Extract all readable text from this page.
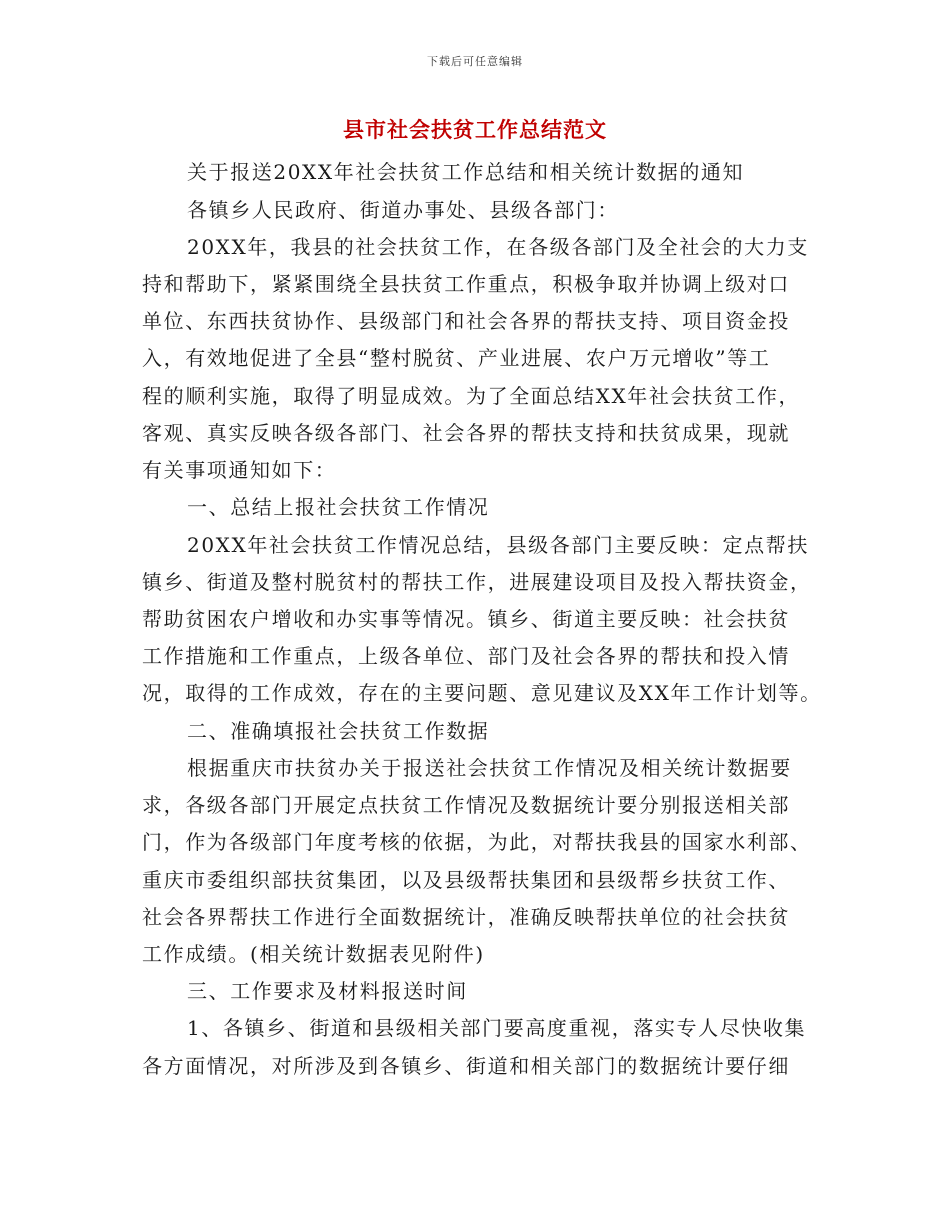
下载后可任意编辑
县市社会扶贫工作总结范文
关于报送20XX年社会扶贫工作总结和相关统计数据的通知
各镇乡人民政府、街道办事处、县级各部门：
20XX年，我县的社会扶贫工作，在各级各部门及全社会的大力支
持和帮助下，紧紧围绕全县扶贫工作重点，积极争取并协调上级对口
单位、东西扶贫协作、县级部门和社会各界的帮扶支持、项目资金投
入，有效地促进了全县“整村脱贫、产业进展、农户万元增收”等工
程的顺利实施，取得了明显成效。为了全面总结XX年社会扶贫工作，
客观、真实反映各级各部门、社会各界的帮扶支持和扶贫成果，现就
有关事项通知如下：
一、总结上报社会扶贫工作情况
20XX年社会扶贫工作情况总结，县级各部门主要反映：定点帮扶
镇乡、街道及整村脱贫村的帮扶工作，进展建设项目及投入帮扶资金，
帮助贫困农户增收和办实事等情况。镇乡、街道主要反映：社会扶贫
工作措施和工作重点，上级各单位、部门及社会各界的帮扶和投入情
况，取得的工作成效，存在的主要问题、意见建议及XX年工作计划等。
二、准确填报社会扶贫工作数据
根据重庆市扶贫办关于报送社会扶贫工作情况及相关统计数据要
求，各级各部门开展定点扶贫工作情况及数据统计要分别报送相关部
门，作为各级部门年度考核的依据，为此，对帮扶我县的国家水利部、
重庆市委组织部扶贫集团，以及县级帮扶集团和县级帮乡扶贫工作、
社会各界帮扶工作进行全面数据统计，准确反映帮扶单位的社会扶贫
工作成绩。(相关统计数据表见附件)
三、工作要求及材料报送时间
1、各镇乡、街道和县级相关部门要高度重视，落实专人尽快收集
各方面情况，对所涉及到各镇乡、街道和相关部门的数据统计要仔细
